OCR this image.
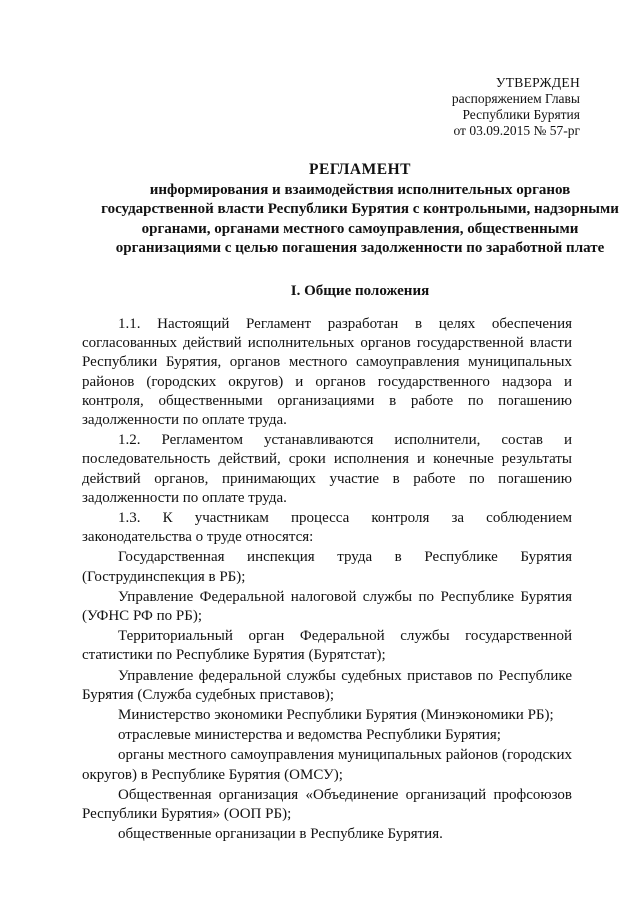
УТВЕРЖДЕН
распоряжением Главы
Республики Бурятия
от 03.09.2015 № 57-рг
РЕГЛАМЕНТ
информирования и взаимодействия исполнительных органов государственной власти Республики Бурятия с контрольными, надзорными органами, органами местного самоуправления, общественными организациями с целью погашения задолженности по заработной плате
I. Общие положения

1.1. Настоящий Регламент разработан в целях обеспечения согласованных действий исполнительных органов государственной власти Республики Бурятия, органов местного самоуправления муниципальных районов (городских округов) и органов государственного надзора и контроля, общественными организациями в работе по погашению задолженности по оплате труда.

1.2. Регламентом устанавливаются исполнители, состав и последовательность действий, сроки исполнения и конечные результаты действий органов, принимающих участие в работе по погашению задолженности по оплате труда.

1.3. К участникам процесса контроля за соблюдением законодательства о труде относятся:

Государственная инспекция труда в Республике Бурятия (Гострудинспекция в РБ);

Управление Федеральной налоговой службы по Республике Бурятия (УФНС РФ по РБ);

Территориальный орган Федеральной службы государственной статистики по Республике Бурятия (Бурятстат);

Управление федеральной службы судебных приставов по Республике Бурятия (Служба судебных приставов);

Министерство экономики Республики Бурятия (Минэкономики РБ);

отраслевые министерства и ведомства Республики Бурятия;

органы местного самоуправления муниципальных районов (городских округов) в Республике Бурятия (ОМСУ);

Общественная организация «Объединение организаций профсоюзов Республики Бурятия» (ООП РБ);

общественные организации в Республике Бурятия.
